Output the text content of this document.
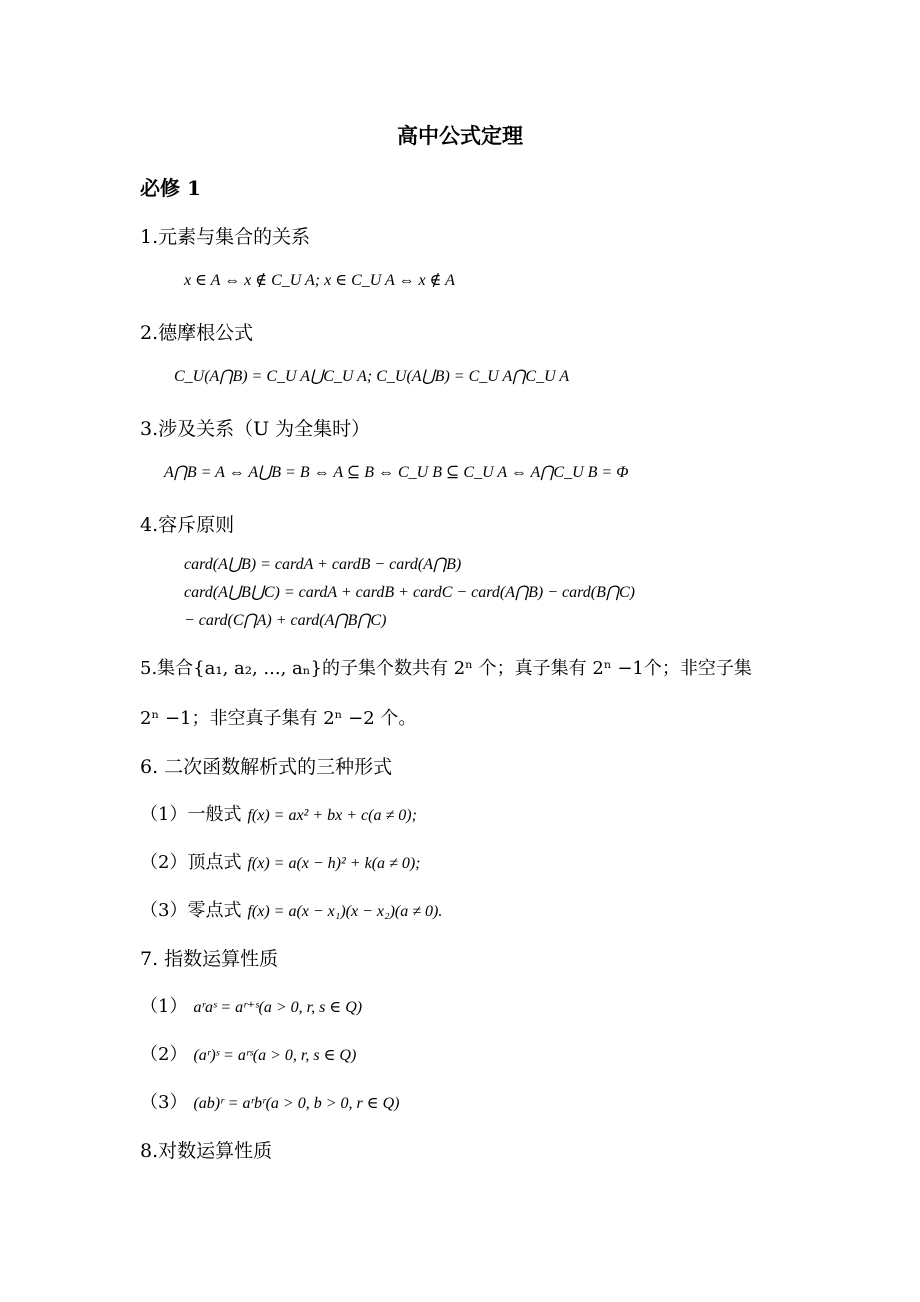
高中公式定理
必修 1
1.元素与集合的关系
x ∈ A ⇔ x ∉ C_U A; x ∈ C_U A ⇔ x ∉ A
2.德摩根公式
C_U(A⋂B) = C_U A⋃C_U A; C_U(A⋃B) = C_U A⋂C_U A
3.涉及关系（U 为全集时）
A⋂B = A ⇔ A⋃B = B ⇔ A ⊆ B ⇔ C_U B ⊆ C_U A ⇔ A⋂C_U B = Φ
4.容斥原则
card(A⋃B) = cardA + cardB − card(A⋂B)
card(A⋃B⋃C) = cardA + cardB + cardC − card(A⋂B) − card(B⋂C)
− card(C⋂A) + card(A⋂B⋂C)
5.集合{a₁, a₂, ..., aₙ}的子集个数共有 2ⁿ 个；真子集有 2ⁿ −1个；非空子集
2ⁿ −1；非空真子集有 2ⁿ −2 个。
6. 二次函数解析式的三种形式
（1）一般式 f(x) = ax² + bx + c(a ≠ 0);
（2）顶点式 f(x) = a(x − h)² + k(a ≠ 0);
（3）零点式 f(x) = a(x − x₁)(x − x₂)(a ≠ 0).
7. 指数运算性质
（1） aʳaˢ = aʳ⁺ˢ(a > 0, r, s ∈ Q)
（2） (aʳ)ˢ = aʳˢ(a > 0, r, s ∈ Q)
（3） (ab)ʳ = aʳbʳ(a > 0, b > 0, r ∈ Q)
8.对数运算性质
